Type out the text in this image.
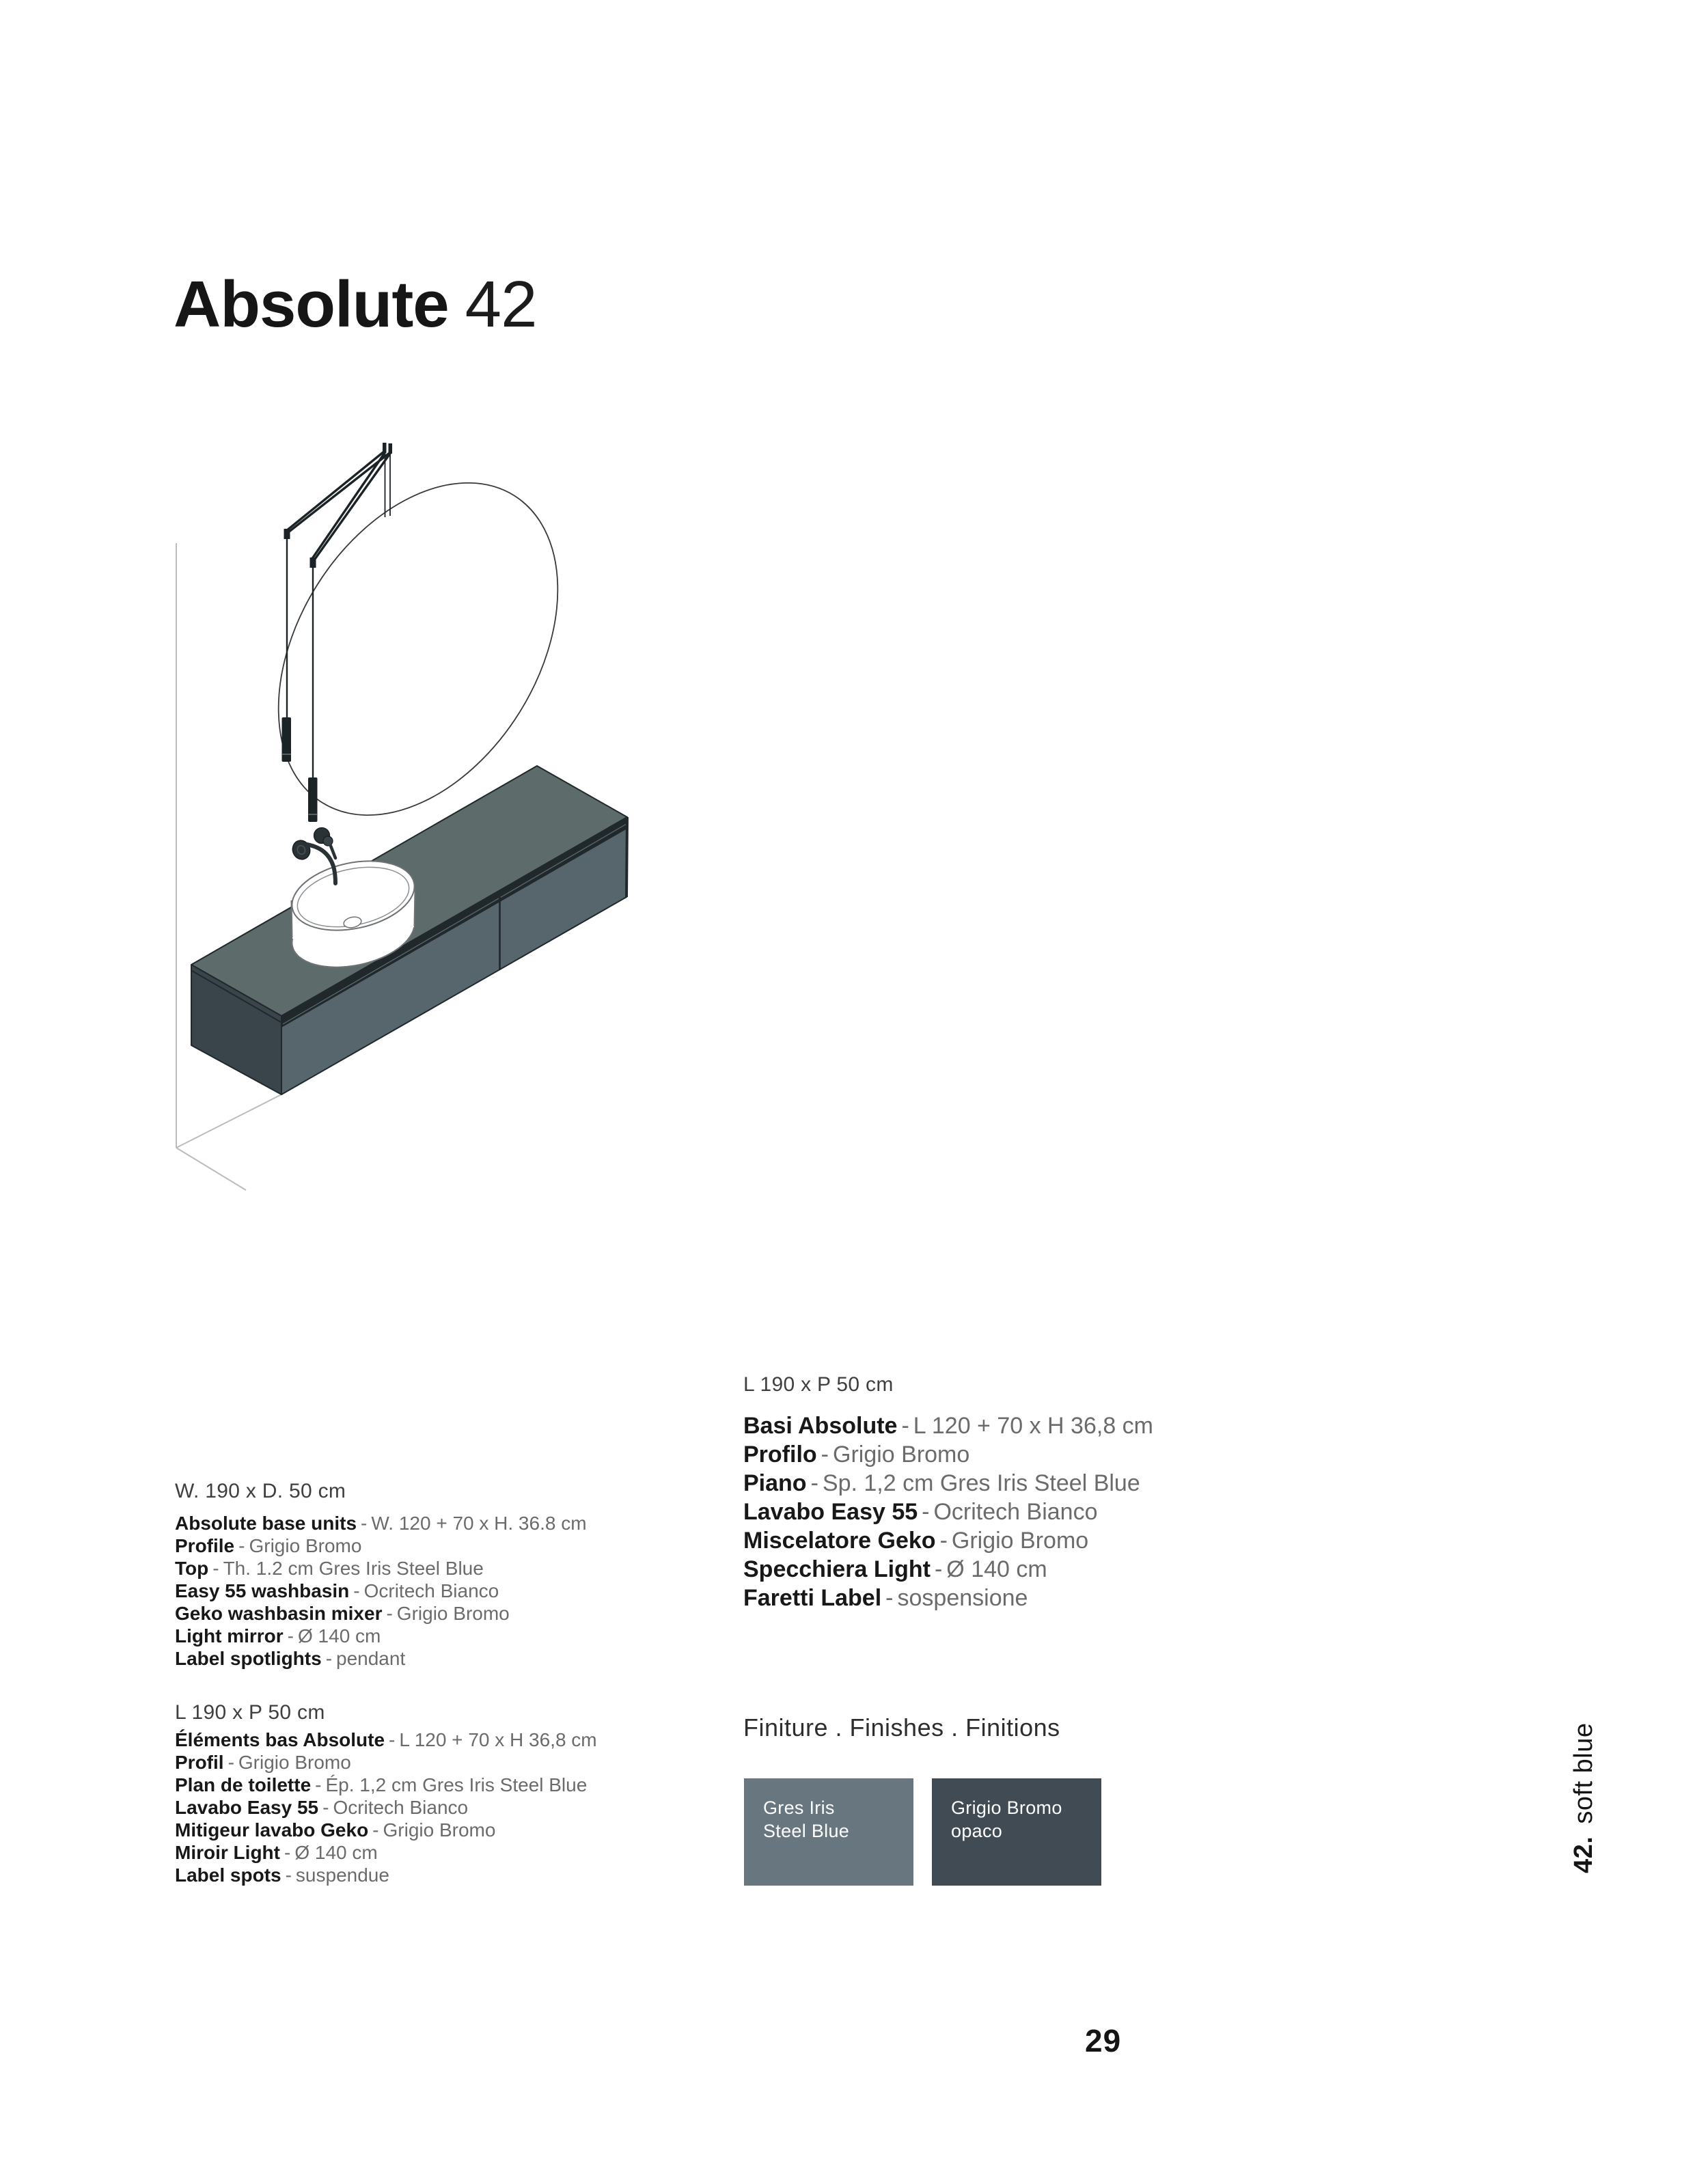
Absolute 42
W. 190 x D. 50 cm
Absolute base units - W. 120 + 70 x H. 36.8 cm
Profile - Grigio Bromo
Top - Th. 1.2 cm Gres Iris Steel Blue
Easy 55 washbasin - Ocritech Bianco
Geko washbasin mixer - Grigio Bromo
Light mirror - Ø 140 cm
Label spotlights - pendant
L 190 x P 50 cm
Éléments bas Absolute - L 120 + 70 x H 36,8 cm
Profil - Grigio Bromo
Plan de toilette - Ép. 1,2 cm Gres Iris Steel Blue
Lavabo Easy 55 - Ocritech Bianco
Mitigeur lavabo Geko - Grigio Bromo
Miroir Light - Ø 140 cm
Label spots - suspendue
L 190 x P 50 cm
Basi Absolute - L 120 + 70 x H 36,8 cm
Profilo - Grigio Bromo
Piano - Sp. 1,2 cm Gres Iris Steel Blue
Lavabo Easy 55 - Ocritech Bianco
Miscelatore Geko - Grigio Bromo
Specchiera Light - Ø 140 cm
Faretti Label - sospensione
Finiture . Finishes . Finitions
Gres Iris
Steel Blue
Grigio Bromo
opaco
42.soft blue
29
